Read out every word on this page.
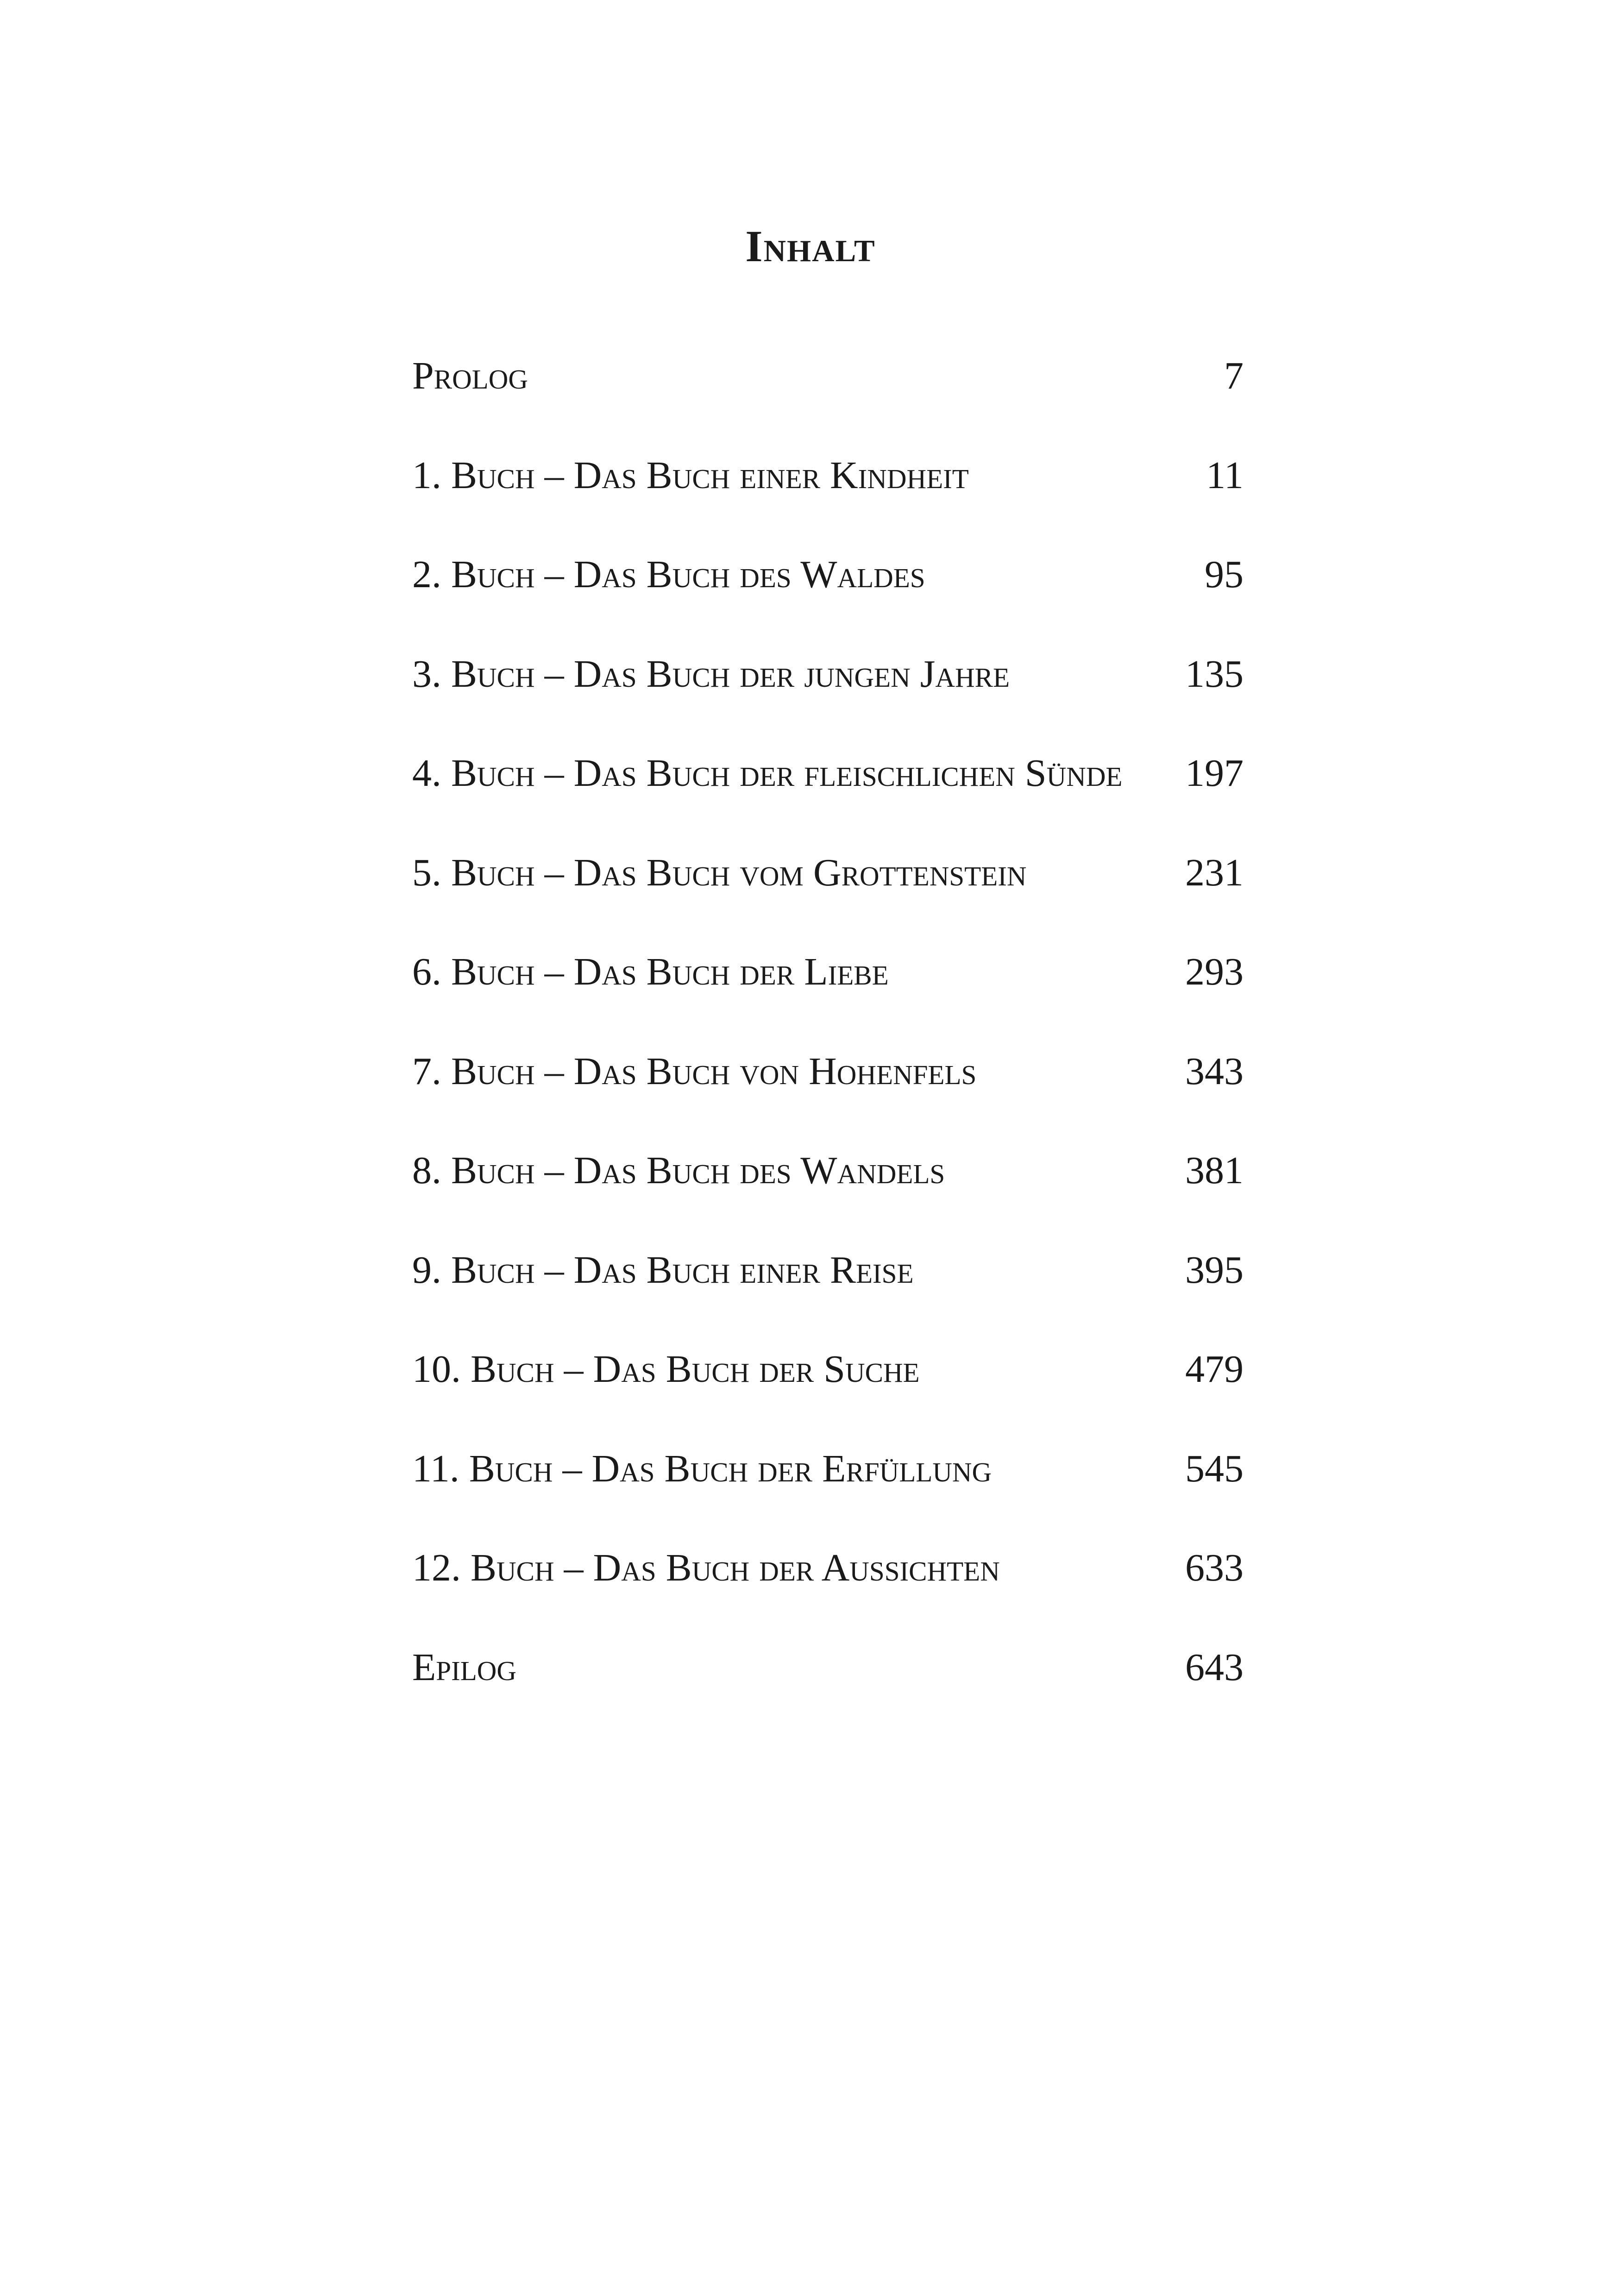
Inhalt
Prolog	7
1. Buch – Das Buch einer Kindheit	11
2. Buch – Das Buch des Waldes	95
3. Buch – Das Buch der jungen Jahre	135
4. Buch – Das Buch der fleischlichen Sünde 197
5. Buch – Das Buch vom Grottenstein	231
6. Buch – Das Buch der Liebe	293
7. Buch – Das Buch von Hohenfels	343
8. Buch – Das Buch des Wandels	381
9. Buch – Das Buch einer Reise	395
10. Buch – Das Buch der Suche	479
11. Buch – Das Buch der Erfüllung	545
12. Buch – Das Buch der Aussichten	633
Epilog	643
